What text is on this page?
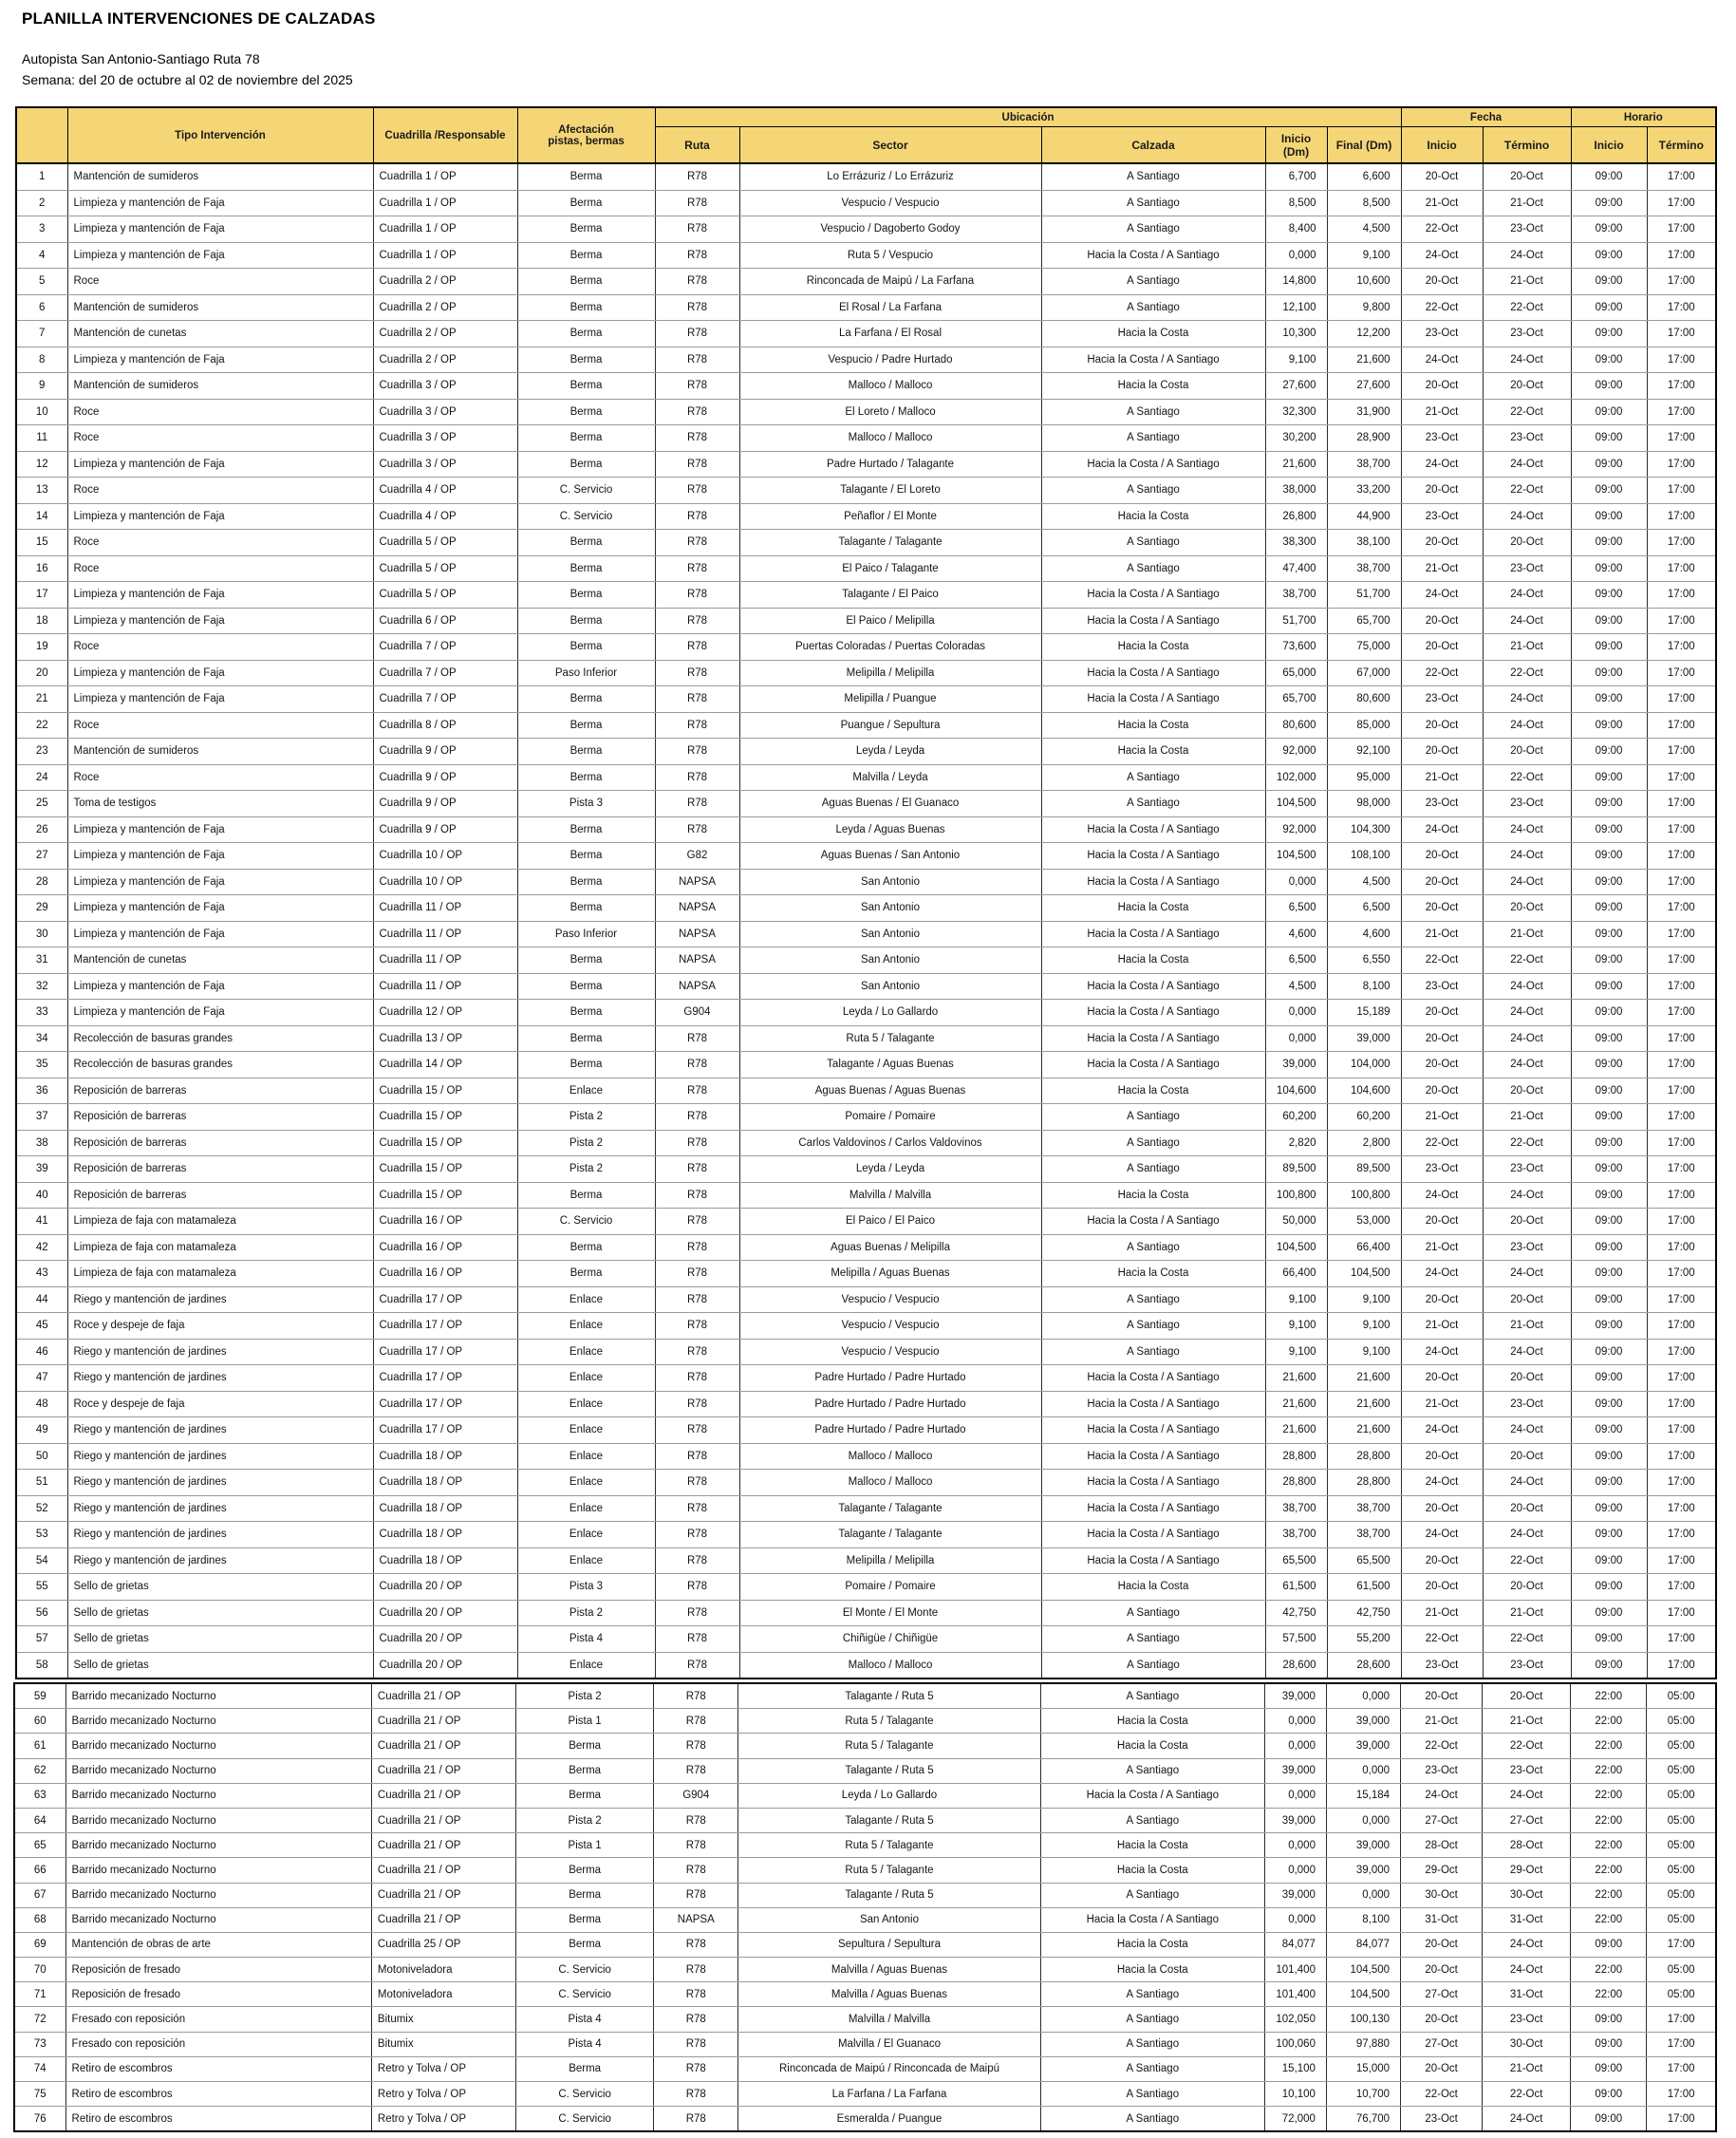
PLANILLA INTERVENCIONES DE CALZADAS
Autopista San Antonio-Santiago Ruta 78
Semana: del 20 de octubre al 02 de noviembre del 2025
	Tipo Intervención	Cuadrilla /Responsable	Afectación
pistas, bermas	Ubicación					Fecha		Horario	
				Ruta	Sector	Calzada	Inicio (Dm)	Final (Dm)	Inicio	Término	Inicio	Término
1	Mantención de sumideros	Cuadrilla 1 / OP	Berma	R78	Lo Errázuriz / Lo Errázuriz	A Santiago	6,700	6,600	20-Oct	20-Oct	09:00	17:00
2	Limpieza y mantención de Faja	Cuadrilla 1 / OP	Berma	R78	Vespucio / Vespucio	A Santiago	8,500	8,500	21-Oct	21-Oct	09:00	17:00
3	Limpieza y mantención de Faja	Cuadrilla 1 / OP	Berma	R78	Vespucio / Dagoberto Godoy	A Santiago	8,400	4,500	22-Oct	23-Oct	09:00	17:00
4	Limpieza y mantención de Faja	Cuadrilla 1 / OP	Berma	R78	Ruta 5 / Vespucio	Hacia la Costa / A Santiago	0,000	9,100	24-Oct	24-Oct	09:00	17:00
5	Roce	Cuadrilla 2 / OP	Berma	R78	Rinconcada de Maipú / La Farfana	A Santiago	14,800	10,600	20-Oct	21-Oct	09:00	17:00
6	Mantención de sumideros	Cuadrilla 2 / OP	Berma	R78	El Rosal / La Farfana	A Santiago	12,100	9,800	22-Oct	22-Oct	09:00	17:00
7	Mantención de cunetas	Cuadrilla 2 / OP	Berma	R78	La Farfana / El Rosal	Hacia la Costa	10,300	12,200	23-Oct	23-Oct	09:00	17:00
8	Limpieza y mantención de Faja	Cuadrilla 2 / OP	Berma	R78	Vespucio / Padre Hurtado	Hacia la Costa / A Santiago	9,100	21,600	24-Oct	24-Oct	09:00	17:00
9	Mantención de sumideros	Cuadrilla 3 / OP	Berma	R78	Malloco / Malloco	Hacia la Costa	27,600	27,600	20-Oct	20-Oct	09:00	17:00
10	Roce	Cuadrilla 3 / OP	Berma	R78	El Loreto / Malloco	A Santiago	32,300	31,900	21-Oct	22-Oct	09:00	17:00
11	Roce	Cuadrilla 3 / OP	Berma	R78	Malloco / Malloco	A Santiago	30,200	28,900	23-Oct	23-Oct	09:00	17:00
12	Limpieza y mantención de Faja	Cuadrilla 3 / OP	Berma	R78	Padre Hurtado / Talagante	Hacia la Costa / A Santiago	21,600	38,700	24-Oct	24-Oct	09:00	17:00
13	Roce	Cuadrilla 4 / OP	C. Servicio	R78	Talagante / El Loreto	A Santiago	38,000	33,200	20-Oct	22-Oct	09:00	17:00
14	Limpieza y mantención de Faja	Cuadrilla 4 / OP	C. Servicio	R78	Peñaflor / El Monte	Hacia la Costa	26,800	44,900	23-Oct	24-Oct	09:00	17:00
15	Roce	Cuadrilla 5 / OP	Berma	R78	Talagante / Talagante	A Santiago	38,300	38,100	20-Oct	20-Oct	09:00	17:00
16	Roce	Cuadrilla 5 / OP	Berma	R78	El Paico / Talagante	A Santiago	47,400	38,700	21-Oct	23-Oct	09:00	17:00
17	Limpieza y mantención de Faja	Cuadrilla 5 / OP	Berma	R78	Talagante / El Paico	Hacia la Costa / A Santiago	38,700	51,700	24-Oct	24-Oct	09:00	17:00
18	Limpieza y mantención de Faja	Cuadrilla 6 / OP	Berma	R78	El Paico / Melipilla	Hacia la Costa / A Santiago	51,700	65,700	20-Oct	24-Oct	09:00	17:00
19	Roce	Cuadrilla 7 / OP	Berma	R78	Puertas Coloradas / Puertas Coloradas	Hacia la Costa	73,600	75,000	20-Oct	21-Oct	09:00	17:00
20	Limpieza y mantención de Faja	Cuadrilla 7 / OP	Paso Inferior	R78	Melipilla / Melipilla	Hacia la Costa / A Santiago	65,000	67,000	22-Oct	22-Oct	09:00	17:00
21	Limpieza y mantención de Faja	Cuadrilla 7 / OP	Berma	R78	Melipilla / Puangue	Hacia la Costa / A Santiago	65,700	80,600	23-Oct	24-Oct	09:00	17:00
22	Roce	Cuadrilla 8 / OP	Berma	R78	Puangue / Sepultura	Hacia la Costa	80,600	85,000	20-Oct	24-Oct	09:00	17:00
23	Mantención de sumideros	Cuadrilla 9 / OP	Berma	R78	Leyda / Leyda	Hacia la Costa	92,000	92,100	20-Oct	20-Oct	09:00	17:00
24	Roce	Cuadrilla 9 / OP	Berma	R78	Malvilla / Leyda	A Santiago	102,000	95,000	21-Oct	22-Oct	09:00	17:00
25	Toma de testigos	Cuadrilla 9 / OP	Pista 3	R78	Aguas Buenas / El Guanaco	A Santiago	104,500	98,000	23-Oct	23-Oct	09:00	17:00
26	Limpieza y mantención de Faja	Cuadrilla 9 / OP	Berma	R78	Leyda / Aguas Buenas	Hacia la Costa / A Santiago	92,000	104,300	24-Oct	24-Oct	09:00	17:00
27	Limpieza y mantención de Faja	Cuadrilla 10 / OP	Berma	G82	Aguas Buenas / San Antonio	Hacia la Costa / A Santiago	104,500	108,100	20-Oct	24-Oct	09:00	17:00
28	Limpieza y mantención de Faja	Cuadrilla 10 / OP	Berma	NAPSA	San Antonio	Hacia la Costa / A Santiago	0,000	4,500	20-Oct	24-Oct	09:00	17:00
29	Limpieza y mantención de Faja	Cuadrilla 11 / OP	Berma	NAPSA	San Antonio	Hacia la Costa	6,500	6,500	20-Oct	20-Oct	09:00	17:00
30	Limpieza y mantención de Faja	Cuadrilla 11 / OP	Paso Inferior	NAPSA	San Antonio	Hacia la Costa / A Santiago	4,600	4,600	21-Oct	21-Oct	09:00	17:00
31	Mantención de cunetas	Cuadrilla 11 / OP	Berma	NAPSA	San Antonio	Hacia la Costa	6,500	6,550	22-Oct	22-Oct	09:00	17:00
32	Limpieza y mantención de Faja	Cuadrilla 11 / OP	Berma	NAPSA	San Antonio	Hacia la Costa / A Santiago	4,500	8,100	23-Oct	24-Oct	09:00	17:00
33	Limpieza y mantención de Faja	Cuadrilla 12 / OP	Berma	G904	Leyda / Lo Gallardo	Hacia la Costa / A Santiago	0,000	15,189	20-Oct	24-Oct	09:00	17:00
34	Recolección de basuras grandes	Cuadrilla 13 / OP	Berma	R78	Ruta 5 / Talagante	Hacia la Costa / A Santiago	0,000	39,000	20-Oct	24-Oct	09:00	17:00
35	Recolección de basuras grandes	Cuadrilla 14 / OP	Berma	R78	Talagante / Aguas Buenas	Hacia la Costa / A Santiago	39,000	104,000	20-Oct	24-Oct	09:00	17:00
36	Reposición de barreras	Cuadrilla 15 / OP	Enlace	R78	Aguas Buenas / Aguas Buenas	Hacia la Costa	104,600	104,600	20-Oct	20-Oct	09:00	17:00
37	Reposición de barreras	Cuadrilla 15 / OP	Pista 2	R78	Pomaire / Pomaire	A Santiago	60,200	60,200	21-Oct	21-Oct	09:00	17:00
38	Reposición de barreras	Cuadrilla 15 / OP	Pista 2	R78	Carlos Valdovinos / Carlos Valdovinos	A Santiago	2,820	2,800	22-Oct	22-Oct	09:00	17:00
39	Reposición de barreras	Cuadrilla 15 / OP	Pista 2	R78	Leyda / Leyda	A Santiago	89,500	89,500	23-Oct	23-Oct	09:00	17:00
40	Reposición de barreras	Cuadrilla 15 / OP	Berma	R78	Malvilla / Malvilla	Hacia la Costa	100,800	100,800	24-Oct	24-Oct	09:00	17:00
41	Limpieza de faja con matamaleza	Cuadrilla 16 / OP	C. Servicio	R78	El Paico / El Paico	Hacia la Costa / A Santiago	50,000	53,000	20-Oct	20-Oct	09:00	17:00
42	Limpieza de faja con matamaleza	Cuadrilla 16 / OP	Berma	R78	Aguas Buenas / Melipilla	A Santiago	104,500	66,400	21-Oct	23-Oct	09:00	17:00
43	Limpieza de faja con matamaleza	Cuadrilla 16 / OP	Berma	R78	Melipilla / Aguas Buenas	Hacia la Costa	66,400	104,500	24-Oct	24-Oct	09:00	17:00
44	Riego y mantención de jardines	Cuadrilla 17 / OP	Enlace	R78	Vespucio / Vespucio	A Santiago	9,100	9,100	20-Oct	20-Oct	09:00	17:00
45	Roce y despeje de faja	Cuadrilla 17 / OP	Enlace	R78	Vespucio / Vespucio	A Santiago	9,100	9,100	21-Oct	21-Oct	09:00	17:00
46	Riego y mantención de jardines	Cuadrilla 17 / OP	Enlace	R78	Vespucio / Vespucio	A Santiago	9,100	9,100	24-Oct	24-Oct	09:00	17:00
47	Riego y mantención de jardines	Cuadrilla 17 / OP	Enlace	R78	Padre Hurtado / Padre Hurtado	Hacia la Costa / A Santiago	21,600	21,600	20-Oct	20-Oct	09:00	17:00
48	Roce y despeje de faja	Cuadrilla 17 / OP	Enlace	R78	Padre Hurtado / Padre Hurtado	Hacia la Costa / A Santiago	21,600	21,600	21-Oct	23-Oct	09:00	17:00
49	Riego y mantención de jardines	Cuadrilla 17 / OP	Enlace	R78	Padre Hurtado / Padre Hurtado	Hacia la Costa / A Santiago	21,600	21,600	24-Oct	24-Oct	09:00	17:00
50	Riego y mantención de jardines	Cuadrilla 18 / OP	Enlace	R78	Malloco / Malloco	Hacia la Costa / A Santiago	28,800	28,800	20-Oct	20-Oct	09:00	17:00
51	Riego y mantención de jardines	Cuadrilla 18 / OP	Enlace	R78	Malloco / Malloco	Hacia la Costa / A Santiago	28,800	28,800	24-Oct	24-Oct	09:00	17:00
52	Riego y mantención de jardines	Cuadrilla 18 / OP	Enlace	R78	Talagante / Talagante	Hacia la Costa / A Santiago	38,700	38,700	20-Oct	20-Oct	09:00	17:00
53	Riego y mantención de jardines	Cuadrilla 18 / OP	Enlace	R78	Talagante / Talagante	Hacia la Costa / A Santiago	38,700	38,700	24-Oct	24-Oct	09:00	17:00
54	Riego y mantención de jardines	Cuadrilla 18 / OP	Enlace	R78	Melipilla / Melipilla	Hacia la Costa / A Santiago	65,500	65,500	20-Oct	22-Oct	09:00	17:00
55	Sello de grietas	Cuadrilla 20 / OP	Pista 3	R78	Pomaire / Pomaire	Hacia la Costa	61,500	61,500	20-Oct	20-Oct	09:00	17:00
56	Sello de grietas	Cuadrilla 20 / OP	Pista 2	R78	El Monte / El Monte	A Santiago	42,750	42,750	21-Oct	21-Oct	09:00	17:00
57	Sello de grietas	Cuadrilla 20 / OP	Pista 4	R78	Chiñigüe / Chiñigüe	A Santiago	57,500	55,200	22-Oct	22-Oct	09:00	17:00
58	Sello de grietas	Cuadrilla 20 / OP	Enlace	R78	Malloco / Malloco	A Santiago	28,600	28,600	23-Oct	23-Oct	09:00	17:00
59	Barrido mecanizado Nocturno	Cuadrilla 21 / OP	Pista 2	R78	Talagante / Ruta 5	A Santiago	39,000	0,000	20-Oct	20-Oct	22:00	05:00
60	Barrido mecanizado Nocturno	Cuadrilla 21 / OP	Pista 1	R78	Ruta 5 / Talagante	Hacia la Costa	0,000	39,000	21-Oct	21-Oct	22:00	05:00
61	Barrido mecanizado Nocturno	Cuadrilla 21 / OP	Berma	R78	Ruta 5 / Talagante	Hacia la Costa	0,000	39,000	22-Oct	22-Oct	22:00	05:00
62	Barrido mecanizado Nocturno	Cuadrilla 21 / OP	Berma	R78	Talagante / Ruta 5	A Santiago	39,000	0,000	23-Oct	23-Oct	22:00	05:00
63	Barrido mecanizado Nocturno	Cuadrilla 21 / OP	Berma	G904	Leyda / Lo Gallardo	Hacia la Costa / A Santiago	0,000	15,184	24-Oct	24-Oct	22:00	05:00
64	Barrido mecanizado Nocturno	Cuadrilla 21 / OP	Pista 2	R78	Talagante / Ruta 5	A Santiago	39,000	0,000	27-Oct	27-Oct	22:00	05:00
65	Barrido mecanizado Nocturno	Cuadrilla 21 / OP	Pista 1	R78	Ruta 5 / Talagante	Hacia la Costa	0,000	39,000	28-Oct	28-Oct	22:00	05:00
66	Barrido mecanizado Nocturno	Cuadrilla 21 / OP	Berma	R78	Ruta 5 / Talagante	Hacia la Costa	0,000	39,000	29-Oct	29-Oct	22:00	05:00
67	Barrido mecanizado Nocturno	Cuadrilla 21 / OP	Berma	R78	Talagante / Ruta 5	A Santiago	39,000	0,000	30-Oct	30-Oct	22:00	05:00
68	Barrido mecanizado Nocturno	Cuadrilla 21 / OP	Berma	NAPSA	San Antonio	Hacia la Costa / A Santiago	0,000	8,100	31-Oct	31-Oct	22:00	05:00
69	Mantención de obras de arte	Cuadrilla 25 / OP	Berma	R78	Sepultura / Sepultura	Hacia la Costa	84,077	84,077	20-Oct	24-Oct	09:00	17:00
70	Reposición de fresado	Motoniveladora	C. Servicio	R78	Malvilla / Aguas Buenas	Hacia la Costa	101,400	104,500	20-Oct	24-Oct	22:00	05:00
71	Reposición de fresado	Motoniveladora	C. Servicio	R78	Malvilla / Aguas Buenas	A Santiago	101,400	104,500	27-Oct	31-Oct	22:00	05:00
72	Fresado con reposición	Bitumix	Pista 4	R78	Malvilla / Malvilla	A Santiago	102,050	100,130	20-Oct	23-Oct	09:00	17:00
73	Fresado con reposición	Bitumix	Pista 4	R78	Malvilla / El Guanaco	A Santiago	100,060	97,880	27-Oct	30-Oct	09:00	17:00
74	Retiro de escombros	Retro y Tolva / OP	Berma	R78	Rinconcada de Maipú / Rinconcada de Maipú	A Santiago	15,100	15,000	20-Oct	21-Oct	09:00	17:00
75	Retiro de escombros	Retro y Tolva / OP	C. Servicio	R78	La Farfana / La Farfana	A Santiago	10,100	10,700	22-Oct	22-Oct	09:00	17:00
76	Retiro de escombros	Retro y Tolva / OP	C. Servicio	R78	Esmeralda / Puangue	A Santiago	72,000	76,700	23-Oct	24-Oct	09:00	17:00
